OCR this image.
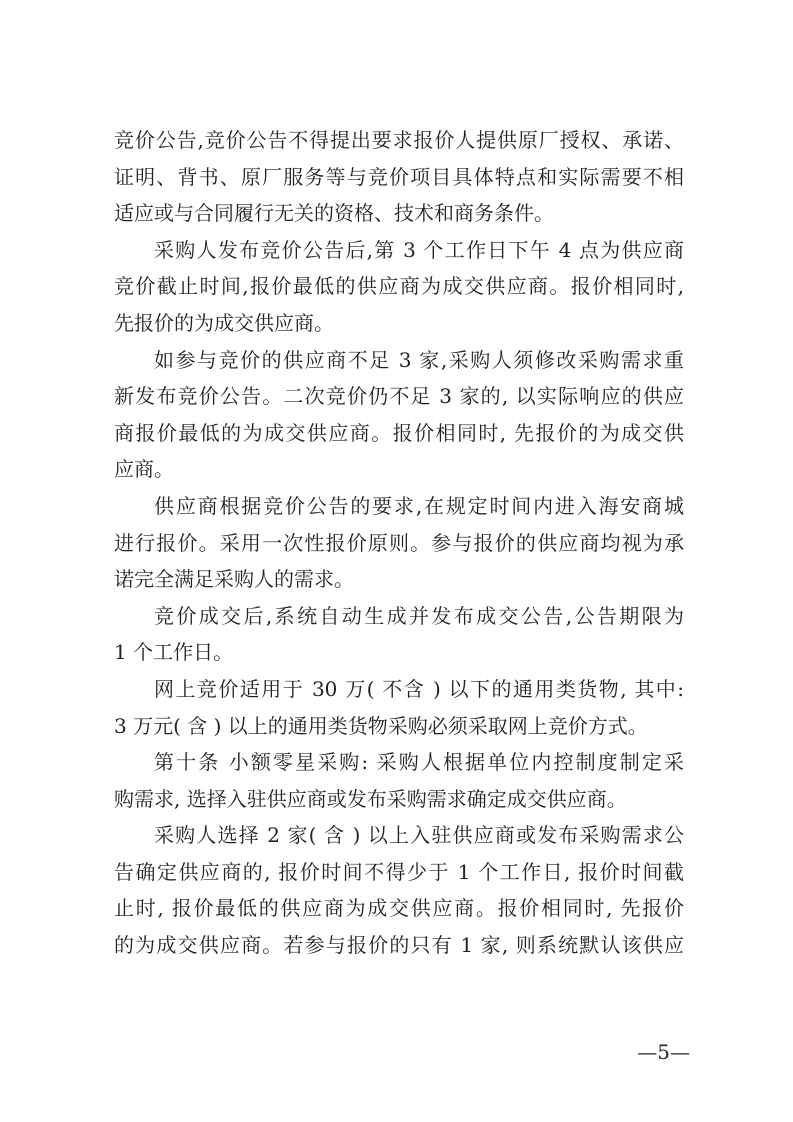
竞价公告,竞价公告不得提出要求报价人提供原厂授权、承诺、
证明、背书、原厂服务等与竞价项目具体特点和实际需要不相
适应或与合同履行无关的资格、技术和商务条件。
采购人发布竞价公告后,第 3 个工作日下午 4 点为供应商
竞价截止时间,报价最低的供应商为成交供应商。报价相同时,
先报价的为成交供应商。
如参与竞价的供应商不足 3 家,采购人须修改采购需求重
新发布竞价公告。二次竞价仍不足 3 家的, 以实际响应的供应
商报价最低的为成交供应商。报价相同时, 先报价的为成交供
应商。
供应商根据竞价公告的要求,在规定时间内进入海安商城
进行报价。采用一次性报价原则。参与报价的供应商均视为承
诺完全满足采购人的需求。
竞价成交后,系统自动生成并发布成交公告,公告期限为
1 个工作日。
网上竞价适用于 30 万( 不含 ) 以下的通用类货物, 其中:
3 万元( 含 ) 以上的通用类货物采购必须采取网上竞价方式。
第十条 小额零星采购: 采购人根据单位内控制度制定采
购需求, 选择入驻供应商或发布采购需求确定成交供应商。
采购人选择 2 家( 含 ) 以上入驻供应商或发布采购需求公
告确定供应商的, 报价时间不得少于 1 个工作日, 报价时间截
止时, 报价最低的供应商为成交供应商。报价相同时, 先报价
的为成交供应商。若参与报价的只有 1 家, 则系统默认该供应
—5—
